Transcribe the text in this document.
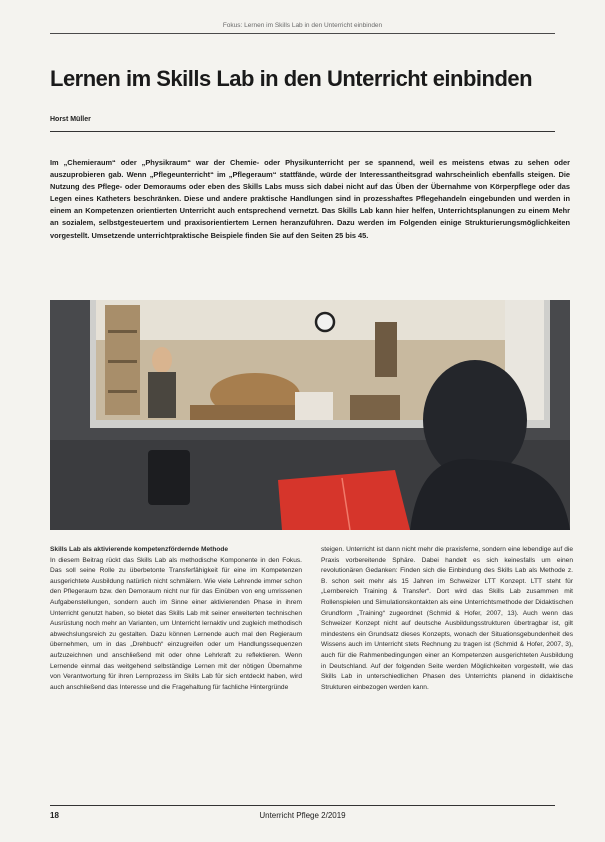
Fokus: Lernen im Skills Lab in den Unterricht einbinden
Lernen im Skills Lab in den Unterricht einbinden
Horst Müller

Im „Chemieraum“ oder „Physikraum“ war der Chemie- oder Physikunterricht per se spannend, weil es meistens etwas zu sehen oder auszuprobieren gab. Wenn „Pflegeunterricht“ im „Pflegeraum“ stattfände, würde der Interessantheitsgrad wahrscheinlich ebenfalls steigen. Die Nutzung des Pflege- oder Demoraums oder eben des Skills Labs muss sich dabei nicht auf das Üben der Übernahme von Körperpflege oder das Legen eines Katheters beschränken. Diese und andere praktische Handlungen sind in prozesshaftes Pflegehandeln eingebunden und werden in einem an Kompetenzen orientierten Unterricht auch entsprechend vernetzt. Das Skills Lab kann hier helfen, Unterrichtsplanungen zu einem Mehr an sozialem, selbstgesteuertem und praxisorientiertem Lernen heranzuführen. Dazu werden im Folgenden einige Strukturierungsmöglichkeiten vorgestellt. Umsetzende unterrichtpraktische Beispiele finden Sie auf den Seiten 25 bis 45.

Skills Lab als aktivierende kompetenzfördernde Methode

In diesem Beitrag rückt das Skills Lab als methodische Komponente in den Fokus. Das soll seine Rolle zu überbetonte Transferfähigkeit für eine im Kompetenzen ausgerichtete Ausbildung natürlich nicht schmälern. Wie viele Lehrende immer schon den Pflegeraum bzw. den Demoraum nicht nur für das Einüben von eng umrissenen Aufgabenstellungen, sondern auch im Sinne einer aktivierenden Phase in ihrem Unterricht genutzt haben, so bietet das Skills Lab mit seiner erweiterten technischen Ausrüstung noch mehr an Varianten, um Unterricht lernaktiv und zugleich methodisch abwechslungsreich zu gestalten. Dazu können Lernende auch mal den Regieraum übernehmen, um in das „Drehbuch“ einzugreifen oder um Handlungssequenzen aufzuzeichnen und anschließend mit oder ohne Lehrkraft zu reflektieren. Wenn Lernende einmal das weitgehend selbständige Lernen mit der nötigen Übernahme von Verantwortung für ihren Lernprozess im Skills Lab für sich entdeckt haben, wird auch anschließend das Interesse und die Fragehaltung für fachliche Hintergründe

steigen. Unterricht ist dann nicht mehr die praxisferne, sondern eine lebendige auf die Praxis vorbereitende Sphäre. Dabei handelt es sich keinesfalls um einen revolutionären Gedanken: Finden sich die Einbindung des Skills Lab als Methode z. B. schon seit mehr als 15 Jahren im Schweizer LTT Konzept. LTT steht für „Lernbereich Training & Transfer“. Dort wird das Skills Lab zusammen mit Rollenspielen und Simulationskontakten als eine Unterrichtsmethode der Didaktischen Grundform „Training“ zugeordnet (Schmid & Hofer, 2007, 13). Auch wenn das Schweizer Konzept nicht auf deutsche Ausbildungsstrukturen übertragbar ist, gilt mindestens ein Grundsatz dieses Konzepts, wonach der Situationsgebundenheit des Wissens auch im Unterricht stets Rechnung zu tragen ist (Schmid & Hofer, 2007, 3), auch für die Rahmenbedingungen einer an Kompetenzen ausgerichteten Ausbildung in Deutschland. Auf der folgenden Seite werden Möglichkeiten vorgestellt, wie das Skills Lab in unterschiedlichen Phasen des Unterrichts planend in didaktische Strukturen einbezogen werden kann.

18	Unterricht Pflege 2/2019
